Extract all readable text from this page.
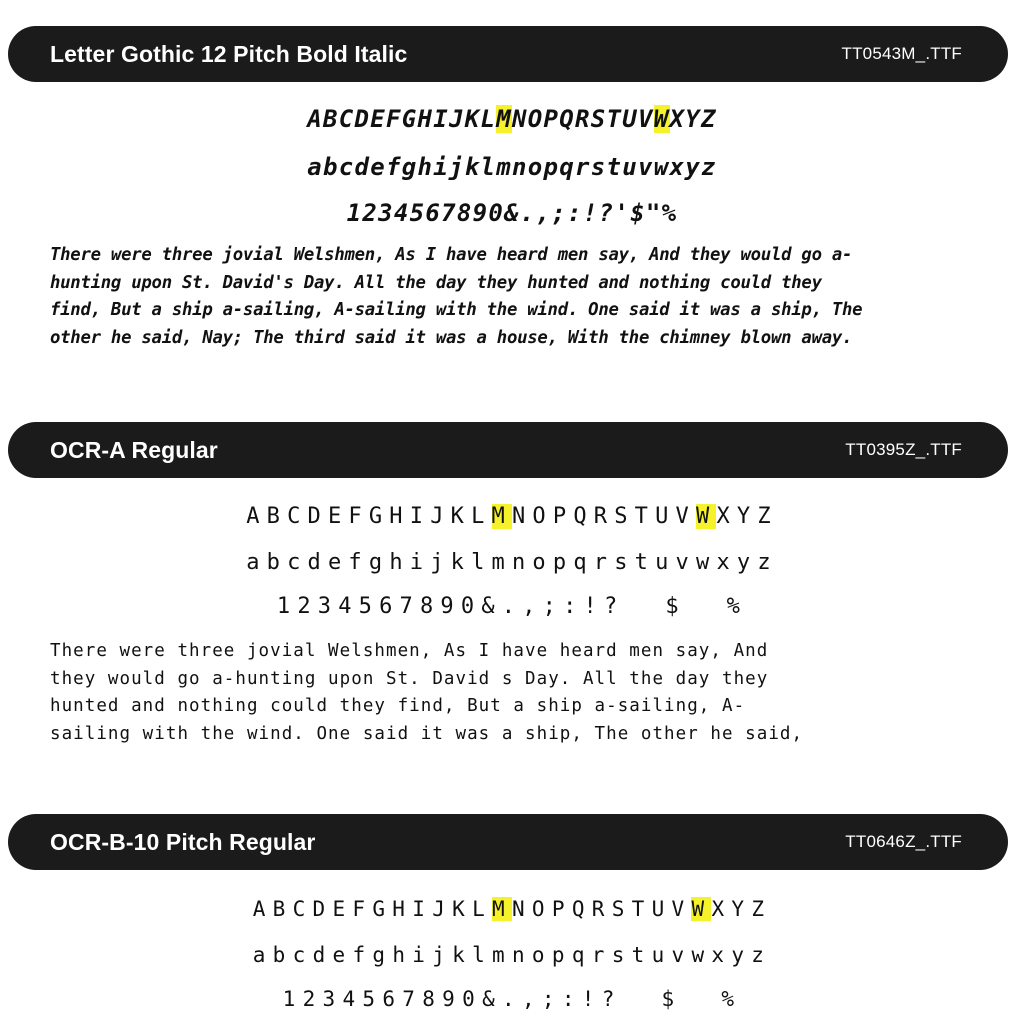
Letter Gothic 12 Pitch Bold Italic	TT0543M_.TTF
ABCDEFGHIJKLMNOPQRSTUVWXYZ
abcdefghijklmnopqrstuvwxyz
1234567890&.,;:!?'$"%
There were three jovial Welshmen, As I have heard men say, And they would go a-
hunting upon St. David's Day. All the day they hunted and nothing could they
find, But a ship a-sailing, A-sailing with the wind. One said it was a ship, The
other he said, Nay; The third said it was a house, With the chimney blown away.
OCR-A Regular	TT0395Z_.TTF
ABCDEFGHIJKLMNOPQRSTUVWXYZ
abcdefghijklmnopqrstuvwxyz
1234567890&.,;:!?  $  %
There were three jovial Welshmen, As I have heard men say, And
they would go a-hunting upon St. David s Day. All the day they
hunted and nothing could they find, But a ship a-sailing, A-
sailing with the wind. One said it was a ship, The other he said,
OCR-B-10 Pitch Regular	TT0646Z_.TTF
ABCDEFGHIJKLMNOPQRSTUVWXYZ
abcdefghijklmnopqrstuvwxyz
1234567890&.,;:!?  $  %
